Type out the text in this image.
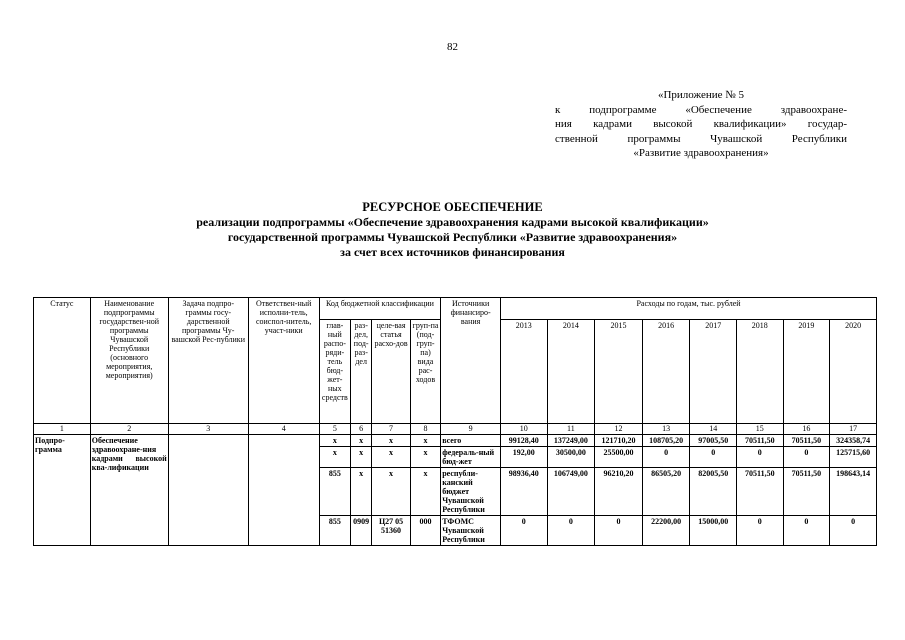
82
«Приложение № 5
к подпрограмме «Обеспечение здравоохране-
ния кадрами высокой квалификации» государ-
ственной программы Чувашской Республики
«Развитие здравоохранения»
РЕСУРСНОЕ ОБЕСПЕЧЕНИЕ
реализации подпрограммы «Обеспечение здравоохранения кадрами высокой квалификации»
государственной программы Чувашской Республики «Развитие здравоохранения»
за счет всех источников финансирования
Статус	Наименование подпрограммы государствен-ной программы Чувашской Республики (основного мероприятия, мероприятия)	Задача подпро-граммы госу-дарственной программы Чу-вашской Рес-публики	Ответствен-ный исполни-тель, соиспол-нитель, участ-ники	Код бюджетной классификации				Источники финансиро-вания	Расходы по годам, тыс. рублей							
				глав-ный распо-ряди-тель бюд-жет-ных средств	раз-дел, под-раз-дел	целе-вая статья расхо-дов	груп-па (под-груп-па) вида рас-ходов		2013	2014	2015	2016	2017	2018	2019	2020
1	2	3	4	5	6	7	8	9	10	11	12	13	14	15	16	17
Подпро-грамма	Обеспечение здравоохране-ния кадрами высокой ква-лификации			x	x	x	x	всего	99128,40	137249,00	121710,20	108705,20	97005,50	70511,50	70511,50	324358,74
				x	x	x	x	федераль-ный бюд-жет	192,00	30500,00	25500,00	0	0	0	0	125715,60
				855	x	x	x	республи-канский бюджет Чувашской Республики	98936,40	106749,00	96210,20	86505,20	82005,50	70511,50	70511,50	198643,14
				855	0909	Ц27 05 51360	000	ТФОМС Чувашской Республики	0	0	0	22200,00	15000,00	0	0	0
